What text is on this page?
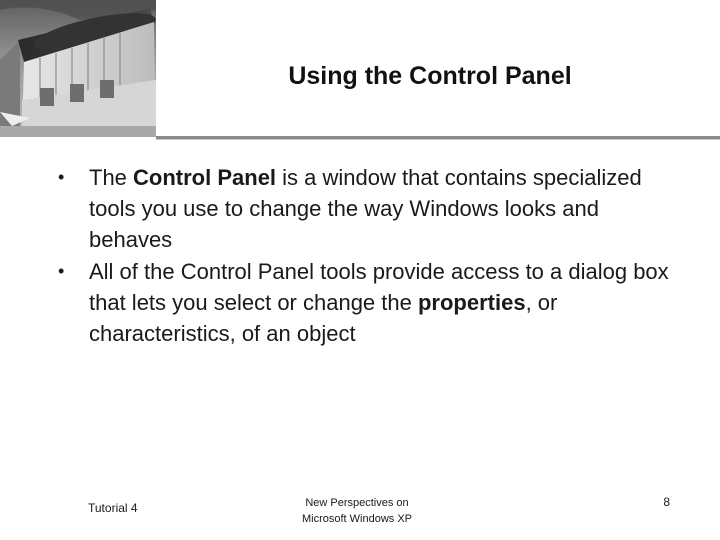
Using the Control Panel
•	The Control Panel is a window that contains specialized tools you use to change the way Windows looks and behaves
•	All of the Control Panel tools provide access to a dialog box that lets you select or change the properties, or characteristics, of an object
Tutorial 4	New Perspectives on
Microsoft Windows XP
8
